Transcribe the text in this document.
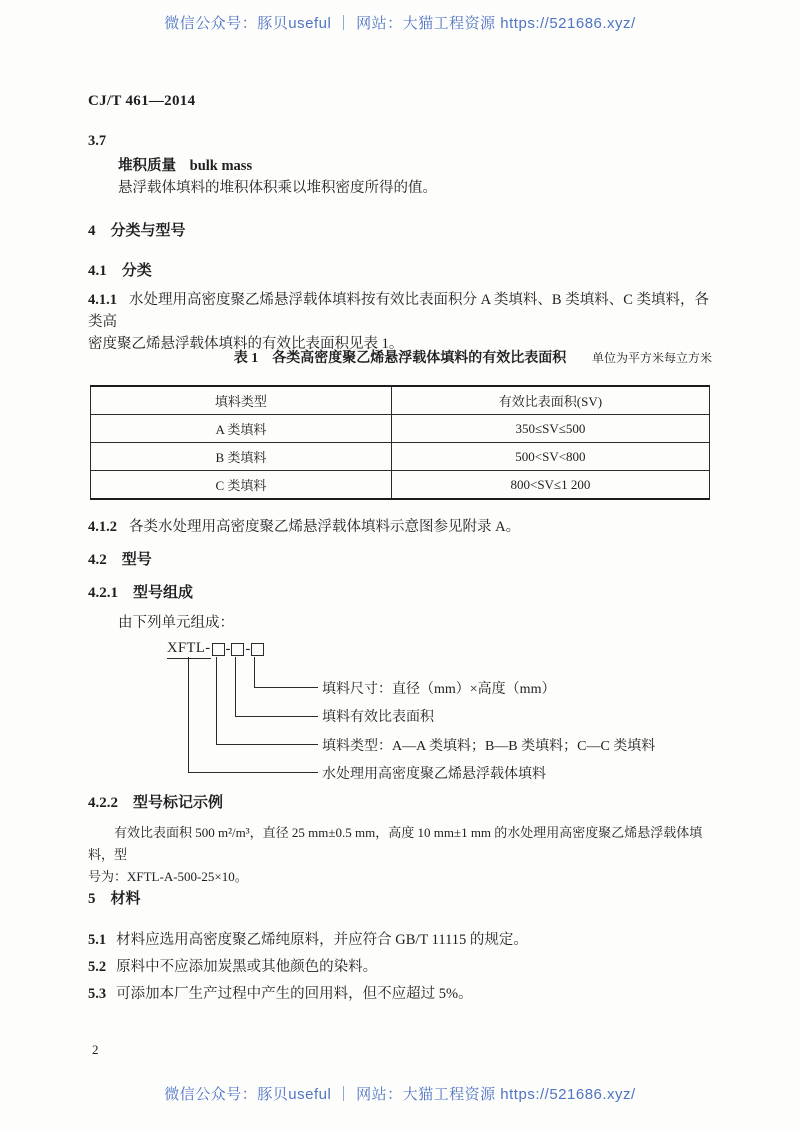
微信公众号：豚贝useful ｜ 网站：大猫工程资源 https://521686.xyz/
CJ/T 461—2014
3.7
堆积质量 bulk mass
悬浮载体填料的堆积体积乘以堆积密度所得的值。
4　分类与型号
4.1　分类
4.1.1 水处理用高密度聚乙烯悬浮载体填料按有效比表面积分 A 类填料、B 类填料、C 类填料，各类高
密度聚乙烯悬浮载体填料的有效比表面积见表 1。
表 1　各类高密度聚乙烯悬浮载体填料的有效比表面积	单位为平方米每立方米
填料类型	有效比表面积(SV)
A 类填料	350≤SV≤500
B 类填料	500<SV<800
C 类填料	800<SV≤1 200
4.1.2 各类水处理用高密度聚乙烯悬浮载体填料示意图参见附录 A。
4.2　型号
4.2.1　型号组成
由下列单元组成：
XFTL- - -
填料尺寸：直径（mm）×高度（mm）
填料有效比表面积
填料类型：A—A 类填料；B—B 类填料；C—C 类填料
水处理用高密度聚乙烯悬浮载体填料
4.2.2　型号标记示例
有效比表面积 500 m²/m³，直径 25 mm±0.5 mm，高度 10 mm±1 mm 的水处理用高密度聚乙烯悬浮载体填料，型
号为：XFTL-A-500-25×10。
5　材料
5.1 材料应选用高密度聚乙烯纯原料，并应符合 GB/T 11115 的规定。
5.2 原料中不应添加炭黑或其他颜色的染料。
5.3 可添加本厂生产过程中产生的回用料，但不应超过 5%。
2
微信公众号：豚贝useful ｜ 网站：大猫工程资源 https://521686.xyz/
